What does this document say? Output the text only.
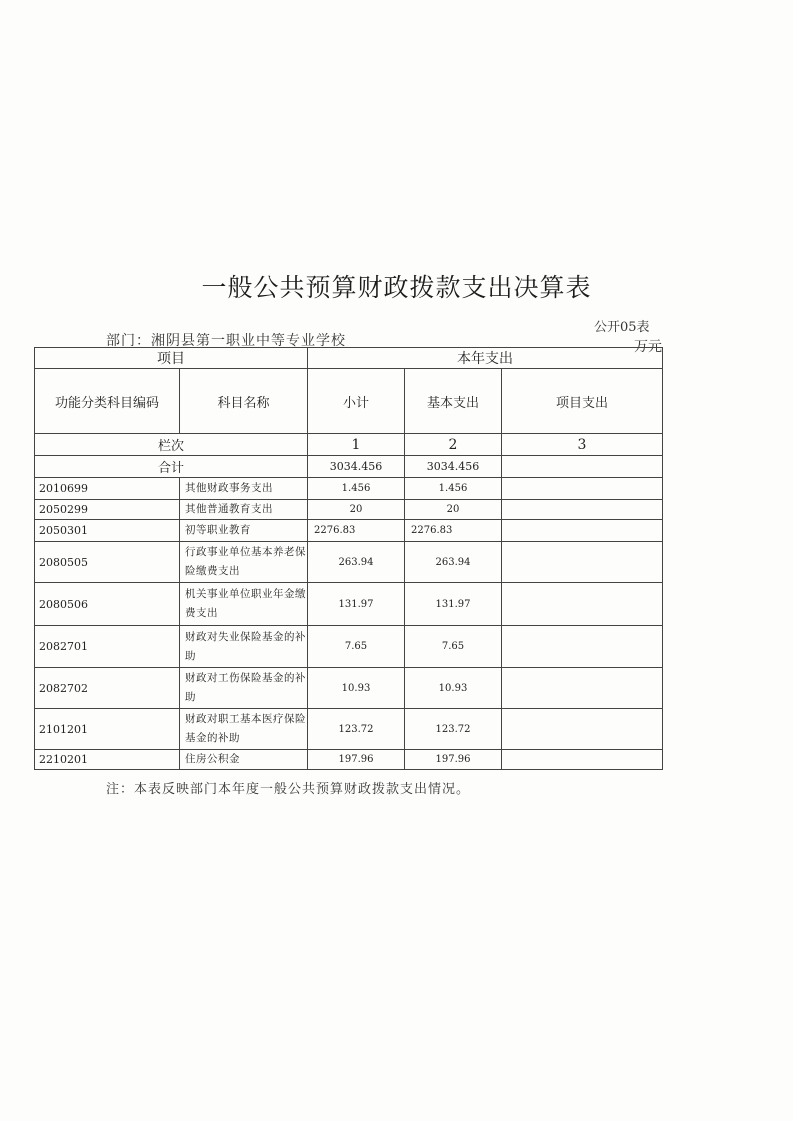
一般公共预算财政拨款支出决算表
部门：湘阴县第一职业中等专业学校
公开05表
万元
项目		本年支出		
功能分类科目编码	科目名称	小计	基本支出	项目支出
栏次		1	2	3
合计		3034.456	3034.456	
2010699	其他财政事务支出	1.456	1.456	
2050299	其他普通教育支出	20	20	
2050301	初等职业教育	2276.83	2276.83	
2080505	行政事业单位基本养老保险缴费支出	263.94	263.94	
2080506	机关事业单位职业年金缴费支出	131.97	131.97	
2082701	财政对失业保险基金的补助	7.65	7.65	
2082702	财政对工伤保险基金的补助	10.93	10.93	
2101201	财政对职工基本医疗保险基金的补助	123.72	123.72	
2210201	住房公积金	197.96	197.96	
注：本表反映部门本年度一般公共预算财政拨款支出情况。
